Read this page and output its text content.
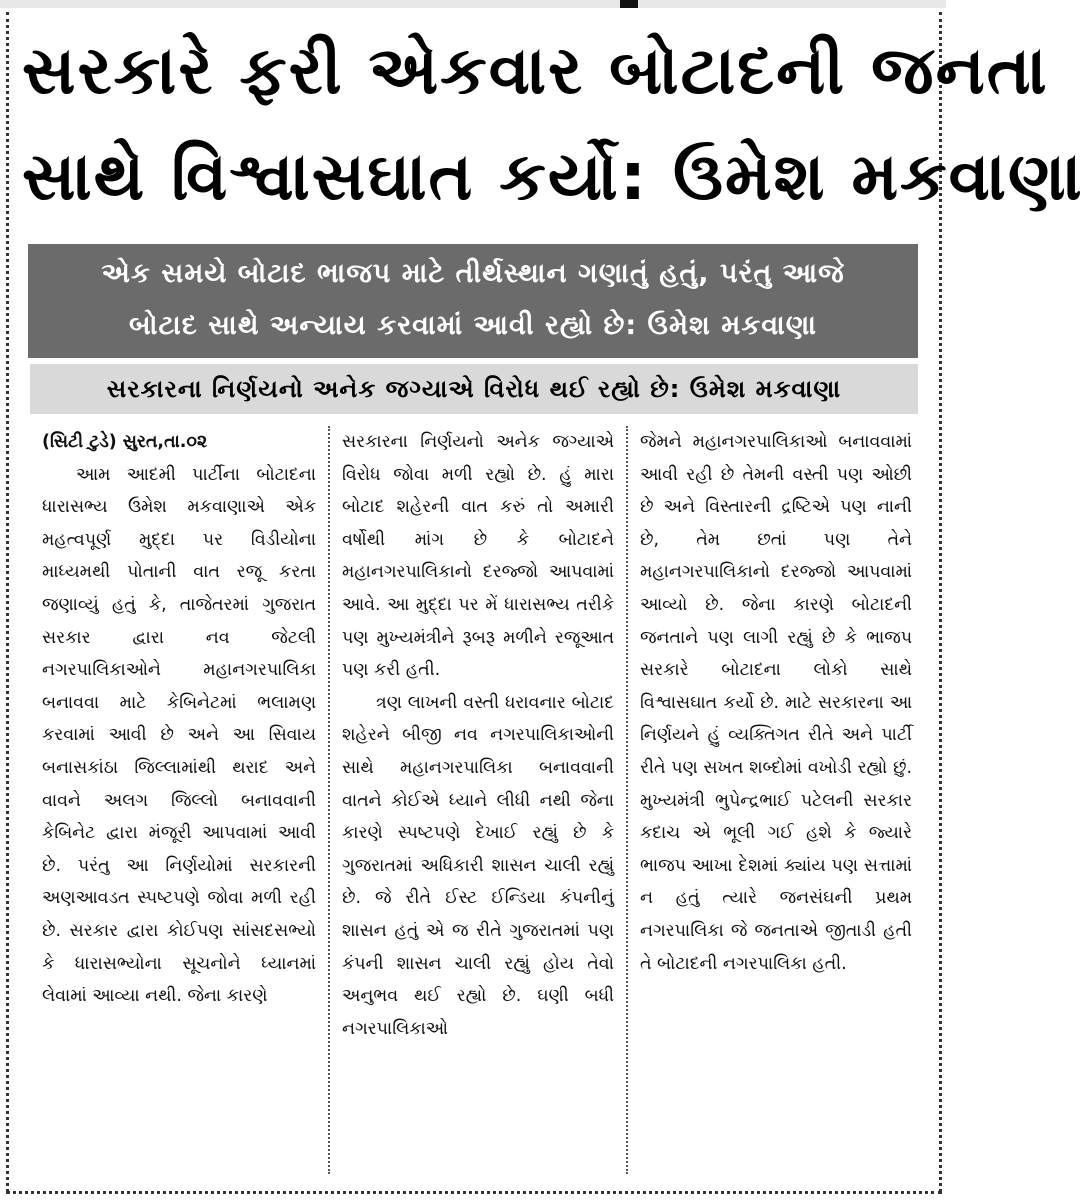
સરકારે ફરી એકવાર બોટાદની જનતા
સાથે વિશ્વાસઘાત કર્યો: ઉમેશ મકવાણા
એક સમયે બોટાદ ભાજપ માટે તીર્થસ્થાન ગણાતું હતું, પરંતુ આજે
બોટાદ સાથે અન્યાય કરવામાં આવી રહ્યો છે: ઉમેશ મકવાણા
સરકારના નિર્ણયનો અનેક જગ્યાએ વિરોધ થઈ રહ્યો છે: ઉમેશ મકવાણા

(સિટી ટુડે) સુરત,તા.૦૨

આમ આદમી પાર્ટીના બોટાદના ધારાસભ્ય ઉમેશ મકવાણાએ એક મહત્વપૂર્ણ મુદ્દા પર વિડીયોના માધ્યમથી પોતાની વાત રજૂ કરતા જણાવ્યું હતું કે, તાજેતરમાં ગુજરાત સરકાર દ્વારા નવ જેટલી નગરપાલિકાઓને મહાનગરપાલિકા બનાવવા માટે કેબિનેટમાં ભલામણ કરવામાં આવી છે અને આ સિવાય બનાસકાંઠા જિલ્લામાંથી થરાદ અને વાવને અલગ જિલ્લો બનાવવાની કેબિનેટ દ્વારા મંજૂરી આપવામાં આવી છે. પરંતુ આ નિર્ણયોમાં સરકારની અણઆવડત સ્પષ્ટપણે જોવા મળી રહી છે. સરકાર દ્વારા કોઈપણ સાંસદસભ્યો કે ધારાસભ્યોના સૂચનોને ધ્યાનમાં લેવામાં આવ્યા નથી. જેના કારણે

સરકારના નિર્ણયનો અનેક જગ્યાએ વિરોધ જોવા મળી રહ્યો છે. હું મારા બોટાદ શહેરની વાત કરું તો અમારી વર્ષોથી માંગ છે કે બોટાદને મહાનગરપાલિકાનો દરજ્જો આપવામાં આવે. આ મુદ્દા પર મેં ધારાસભ્ય તરીકે પણ મુખ્યમંત્રીને રૂબરૂ મળીને રજૂઆત પણ કરી હતી.

ત્રણ લાખની વસ્તી ધરાવનાર બોટાદ શહેરને બીજી નવ નગરપાલિકાઓની સાથે મહાનગરપાલિકા બનાવવાની વાતને કોઈએ ધ્યાને લીધી નથી જેના કારણે સ્પષ્ટપણે દેખાઈ રહ્યું છે કે ગુજરાતમાં અધિકારી શાસન ચાલી રહ્યું છે. જે રીતે ઈસ્ટ ઈન્ડિયા કંપનીનું શાસન હતું એ જ રીતે ગુજરાતમાં પણ કંપની શાસન ચાલી રહ્યું હોય તેવો અનુભવ થઈ રહ્યો છે. ઘણી બધી નગરપાલિકાઓ

જેમને મહાનગરપાલિકાઓ બનાવવામાં આવી રહી છે તેમની વસ્તી પણ ઓછી છે અને વિસ્તારની દ્રષ્ટિએ પણ નાની છે, તેમ છતાં પણ તેને મહાનગરપાલિકાનો દરજ્જો આપવામાં આવ્યો છે. જેના કારણે બોટાદની જનતાને પણ લાગી રહ્યું છે કે ભાજપ સરકારે બોટાદના લોકો સાથે વિશ્વાસઘાત કર્યો છે. માટે સરકારના આ નિર્ણયને હું વ્યક્તિગત રીતે અને પાર્ટી રીતે પણ સખત શબ્દોમાં વખોડી રહ્યો છું. મુખ્યમંત્રી ભુપેન્દ્રભાઈ પટેલની સરકાર કદાચ એ ભૂલી ગઈ હશે કે જ્યારે ભાજપ આખા દેશમાં ક્યાંય પણ સત્તામાં ન હતું ત્યારે જનસંઘની પ્રથમ નગરપાલિકા જે જનતાએ જીતાડી હતી તે બોટાદની નગરપાલિકા હતી.
